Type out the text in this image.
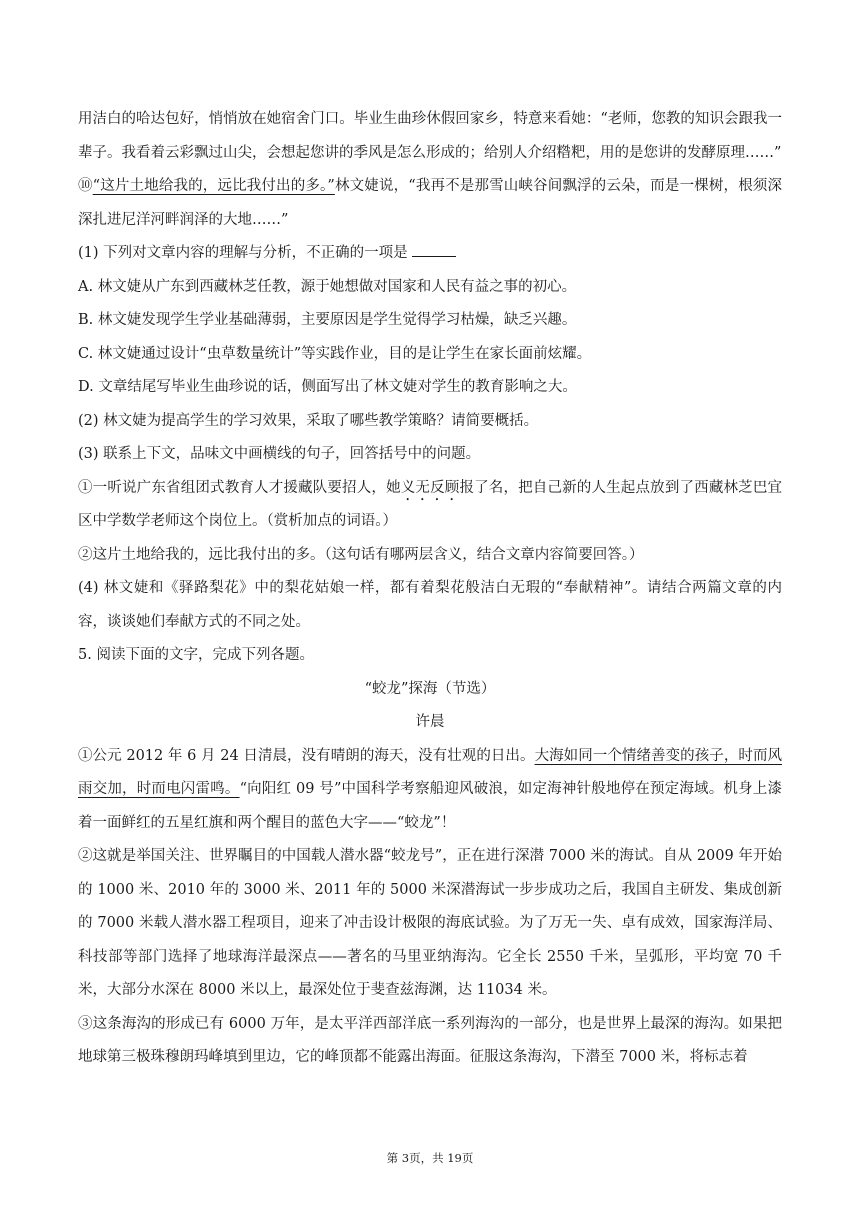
用洁白的哈达包好，悄悄放在她宿舍门口。毕业生曲珍休假回家乡，特意来看她：“老师，您教的知识会跟我一辈子。我看着云彩飘过山尖，会想起您讲的季风是怎么形成的；给别人介绍糌粑，用的是您讲的发酵原理……”

⑩“这片土地给我的，远比我付出的多。”林文婕说，“我再不是那雪山峡谷间飘浮的云朵，而是一棵树，根须深深扎进尼洋河畔润泽的大地……”

(1) 下列对文章内容的理解与分析，不正确的一项是

A. 林文婕从广东到西藏林芝任教，源于她想做对国家和人民有益之事的初心。

B. 林文婕发现学生学业基础薄弱，主要原因是学生觉得学习枯燥，缺乏兴趣。

C. 林文婕通过设计“虫草数量统计”等实践作业，目的是让学生在家长面前炫耀。

D. 文章结尾写毕业生曲珍说的话，侧面写出了林文婕对学生的教育影响之大。

(2) 林文婕为提高学生的学习效果，采取了哪些教学策略？请简要概括。

(3) 联系上下文，品味文中画横线的句子，回答括号中的问题。

①一听说广东省组团式教育人才援藏队要招人，她义无反顾报了名，把自己新的人生起点放到了西藏林芝巴宜区中学数学老师这个岗位上。（赏析加点的词语。）

②这片土地给我的，远比我付出的多。（这句话有哪两层含义，结合文章内容简要回答。）

(4) 林文婕和《驿路梨花》中的梨花姑娘一样，都有着梨花般洁白无瑕的“奉献精神”。请结合两篇文章的内容，谈谈她们奉献方式的不同之处。

5. 阅读下面的文字，完成下列各题。

“蛟龙”探海（节选）

许晨

①公元 2012 年 6 月 24 日清晨，没有晴朗的海天，没有壮观的日出。大海如同一个情绪善变的孩子，时而风雨交加，时而电闪雷鸣。“向阳红 09 号”中国科学考察船迎风破浪，如定海神针般地停在预定海域。机身上漆着一面鲜红的五星红旗和两个醒目的蓝色大字——“蛟龙”！

②这就是举国关注、世界瞩目的中国载人潜水器“蛟龙号”，正在进行深潜 7000 米的海试。自从 2009 年开始的 1000 米、2010 年的 3000 米、2011 年的 5000 米深潜海试一步步成功之后，我国自主研发、集成创新的 7000 米载人潜水器工程项目，迎来了冲击设计极限的海底试验。为了万无一失、卓有成效，国家海洋局、科技部等部门选择了地球海洋最深点——著名的马里亚纳海沟。它全长 2550 千米，呈弧形，平均宽 70 千米，大部分水深在 8000 米以上，最深处位于斐查兹海渊，达 11034 米。

③这条海沟的形成已有 6000 万年，是太平洋西部洋底一系列海沟的一部分，也是世界上最深的海沟。如果把地球第三极珠穆朗玛峰填到里边，它的峰顶都不能露出海面。征服这条海沟，下潜至 7000 米，将标志着

第 3页，共 19页
